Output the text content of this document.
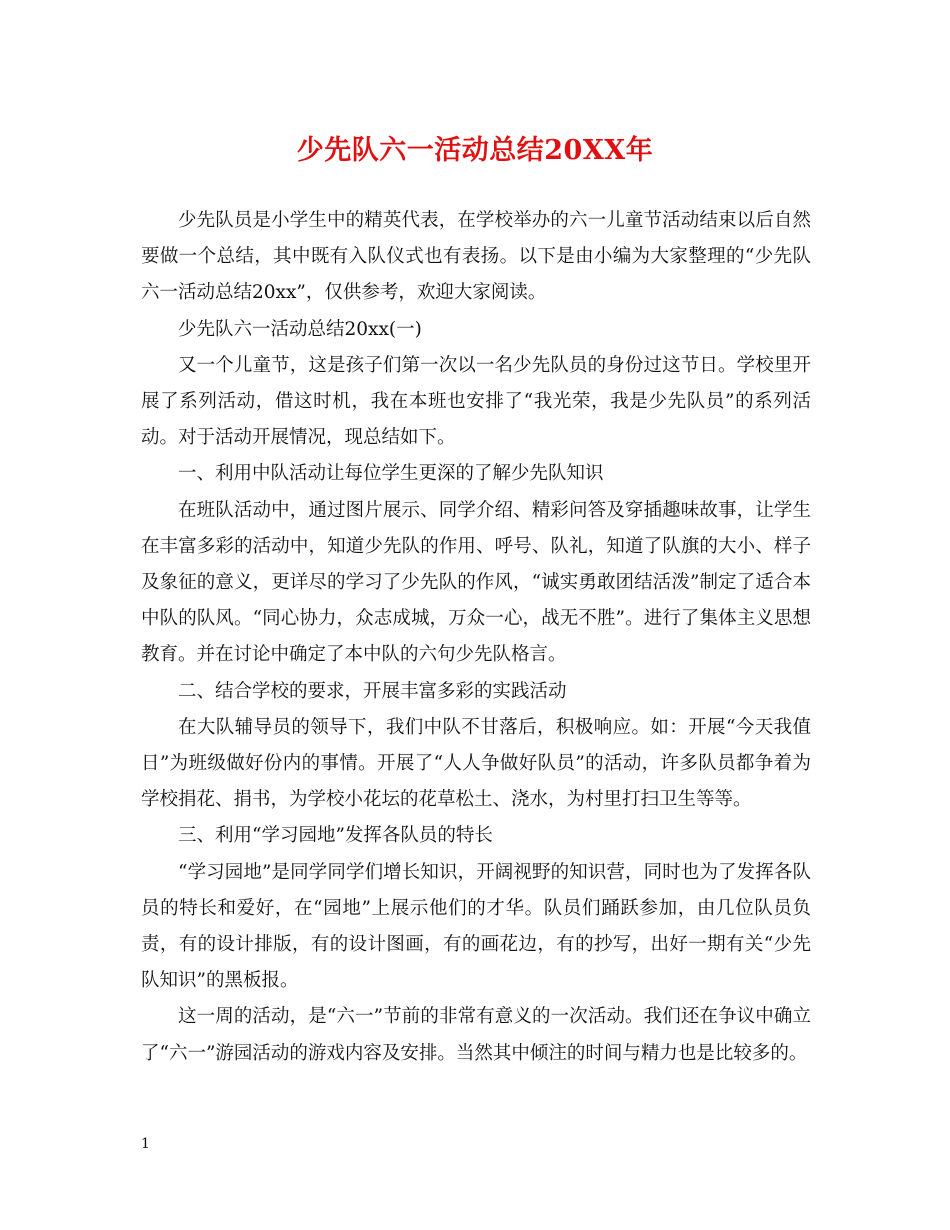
少先队六一活动总结20XX年

少先队员是小学生中的精英代表，在学校举办的六一儿童节活动结束以后自然要做一个总结，其中既有入队仪式也有表扬。以下是由小编为大家整理的“少先队六一活动总结20xx”，仅供参考，欢迎大家阅读。

少先队六一活动总结20xx(一)

又一个儿童节，这是孩子们第一次以一名少先队员的身份过这节日。学校里开展了系列活动，借这时机，我在本班也安排了“我光荣，我是少先队员”的系列活动。对于活动开展情况，现总结如下。

一、利用中队活动让每位学生更深的了解少先队知识

在班队活动中，通过图片展示、同学介绍、精彩问答及穿插趣味故事，让学生在丰富多彩的活动中，知道少先队的作用、呼号、队礼，知道了队旗的大小、样子及象征的意义，更详尽的学习了少先队的作风，“诚实勇敢团结活泼”制定了适合本中队的队风。“同心协力，众志成城，万众一心，战无不胜”。进行了集体主义思想教育。并在讨论中确定了本中队的六句少先队格言。

二、结合学校的要求，开展丰富多彩的实践活动

在大队辅导员的领导下，我们中队不甘落后，积极响应。如：开展“今天我值日”为班级做好份内的事情。开展了“人人争做好队员”的活动，许多队员都争着为学校捐花、捐书，为学校小花坛的花草松土、浇水，为村里打扫卫生等等。

三、利用“学习园地”发挥各队员的特长

“学习园地”是同学同学们增长知识，开阔视野的知识营，同时也为了发挥各队员的特长和爱好，在“园地”上展示他们的才华。队员们踊跃参加，由几位队员负责，有的设计排版，有的设计图画，有的画花边，有的抄写，出好一期有关“少先队知识”的黑板报。

这一周的活动，是“六一”节前的非常有意义的一次活动。我们还在争议中确立了“六一”游园活动的游戏内容及安排。当然其中倾注的时间与精力也是比较多的。

1
